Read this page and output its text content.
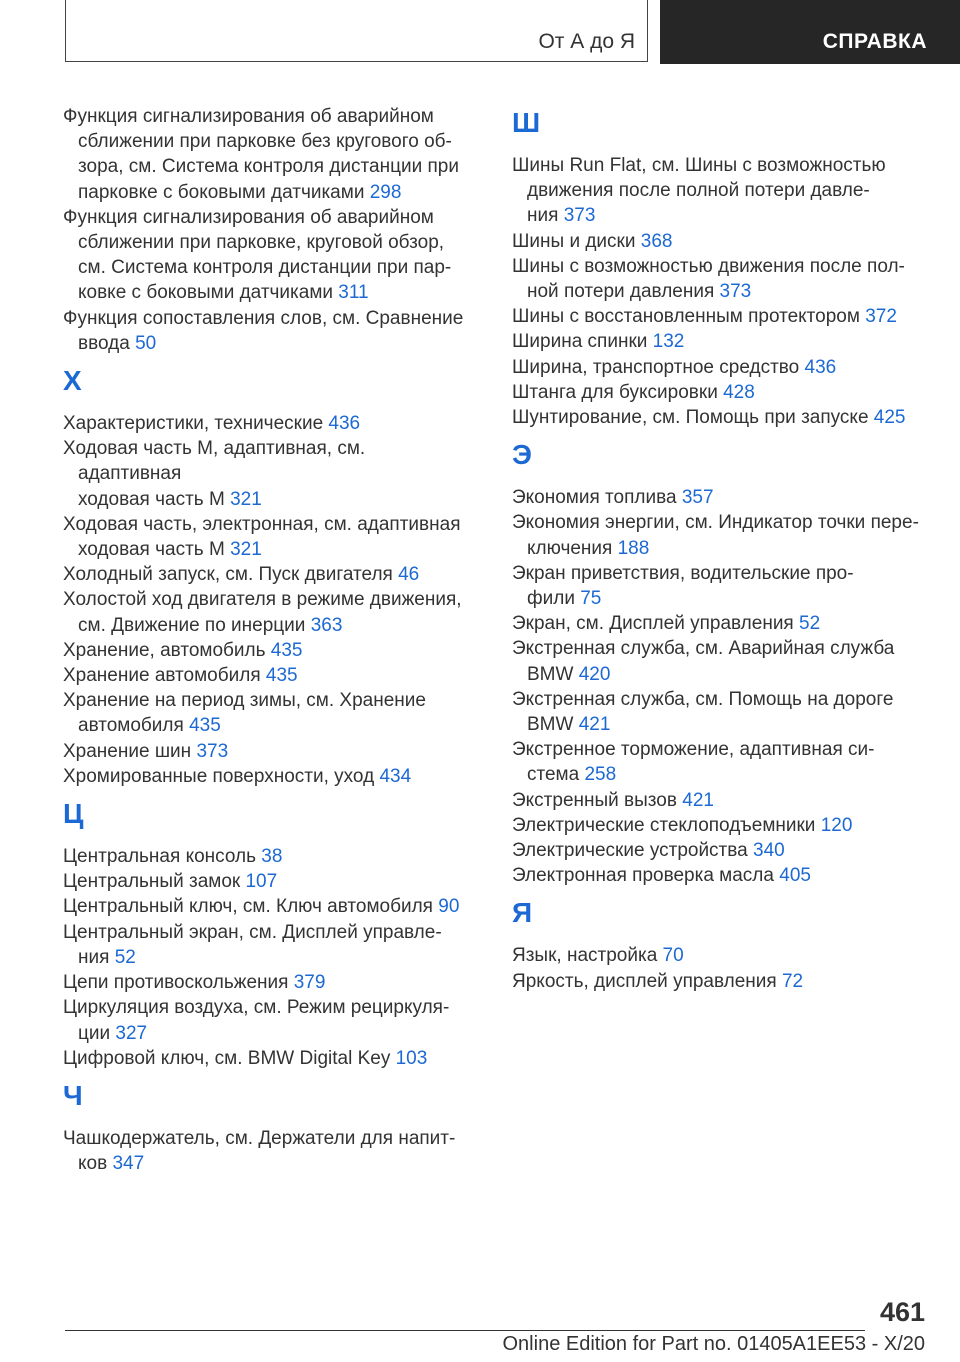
От А до Я	СПРАВКА
Функция сигнализирования об аварийном
сближении при парковке без кругового об-
зора, см. Система контроля дистанции при
парковке с боковыми датчиками 298
Функция сигнализирования об аварийном
сближении при парковке, круговой обзор,
см. Система контроля дистанции при пар-
ковке с боковыми датчиками 311
Функция сопоставления слов, см. Сравнение
ввода 50
Х
Характеристики, технические 436
Ходовая часть M, адаптивная, см. адаптивная
ходовая часть M 321
Ходовая часть, электронная, см. адаптивная
ходовая часть M 321
Холодный запуск, см. Пуск двигателя 46
Холостой ход двигателя в режиме движения,
см. Движение по инерции 363
Хранение, автомобиль 435
Хранение автомобиля 435
Хранение на период зимы, см. Хранение
автомобиля 435
Хранение шин 373
Хромированные поверхности, уход 434
Ц
Центральная консоль 38
Центральный замок 107
Центральный ключ, см. Ключ автомобиля 90
Центральный экран, см. Дисплей управле-
ния 52
Цепи противоскольжения 379
Циркуляция воздуха, см. Режим рециркуля-
ции 327
Цифровой ключ, см. BMW Digital Key 103
Ч
Чашкодержатель, см. Держатели для напит-
ков 347
Ш
Шины Run Flat, см. Шины с возможностью
движения после полной потери давле-
ния 373
Шины и диски 368
Шины с возможностью движения после пол-
ной потери давления 373
Шины с восстановленным протектором 372
Ширина спинки 132
Ширина, транспортное средство 436
Штанга для буксировки 428
Шунтирование, см. Помощь при запуске 425
Э
Экономия топлива 357
Экономия энергии, см. Индикатор точки пере-
ключения 188
Экран приветствия, водительские про-
фили 75
Экран, см. Дисплей управления 52
Экстренная служба, см. Аварийная служба
BMW 420
Экстренная служба, см. Помощь на дороге
BMW 421
Экстренное торможение, адаптивная си-
стема 258
Экстренный вызов 421
Электрические стеклоподъемники 120
Электрические устройства 340
Электронная проверка масла 405
Я
Язык, настройка 70
Яркость, дисплей управления 72
461
Online Edition for Part no. 01405A1EE53 - X/20
